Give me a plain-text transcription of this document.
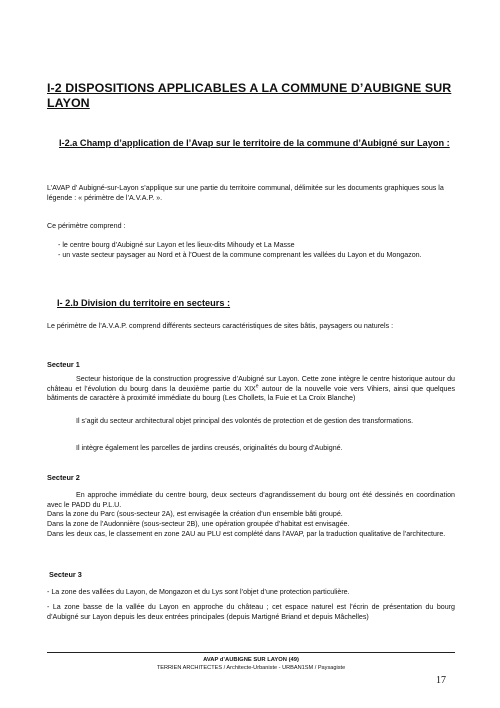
I-2 DISPOSITIONS APPLICABLES A LA COMMUNE D’AUBIGNE SUR LAYON
I-2.a Champ d’application de l’Avap sur le territoire de la commune d’Aubigné sur Layon :

L’AVAP d’ Aubigné-sur-Layon s’applique sur une partie du territoire communal, délimitée sur les documents graphiques sous la légende : « périmètre de l’A.V.A.P. ».

Ce périmètre comprend :

- le centre bourg d’Aubigné sur Layon et les lieux-dits Mihoudy et La Masse

- un vaste secteur paysager au Nord et à l’Ouest de la commune comprenant les vallées du Layon et du Mongazon.

I- 2.b Division du territoire en secteurs :

Le périmètre de l’A.V.A.P. comprend différents secteurs caractéristiques de sites bâtis, paysagers ou naturels :

Secteur 1

Secteur historique de la construction progressive d’Aubigné sur Layon. Cette zone intègre le centre historique autour du château et l’évolution du bourg dans la deuxième partie du XIXe autour de la nouvelle voie vers Vihiers, ainsi que quelques bâtiments de caractère à proximité immédiate du bourg (Les Chollets, la Fuie et La Croix Blanche)

Il s’agit du secteur architectural objet principal des volontés de protection et de gestion des transformations.

Il intègre également les parcelles de jardins creusés, originalités du bourg d’Aubigné.

Secteur 2

En approche immédiate du centre bourg, deux secteurs d’agrandissement du bourg ont été dessinés en coordination avec le PADD du P.L.U.

Dans la zone du Parc (sous-secteur 2A), est envisagée la création d’un ensemble bâti groupé.

Dans la zone de l’Audonnière (sous-secteur 2B), une opération groupée d’habitat est envisagée.

Dans les deux cas, le classement en zone 2AU au PLU est complété dans l’AVAP, par la traduction qualitative de l’architecture.

Secteur 3

- La zone des vallées du Layon, de Mongazon et du Lys sont l’objet d’une protection particulière.

- La zone basse de la vallée du Layon en approche du château ; cet espace naturel est l’écrin de présentation du bourg d’Aubigné sur Layon depuis les deux entrées principales (depuis Martigné Briand et depuis Mâchelles)

AVAP d’AUBIGNE SUR LAYON (49)
TERRIEN ARCHITECTES / Architecte-Urbaniste - URBAN1SM / Paysagiste
17
